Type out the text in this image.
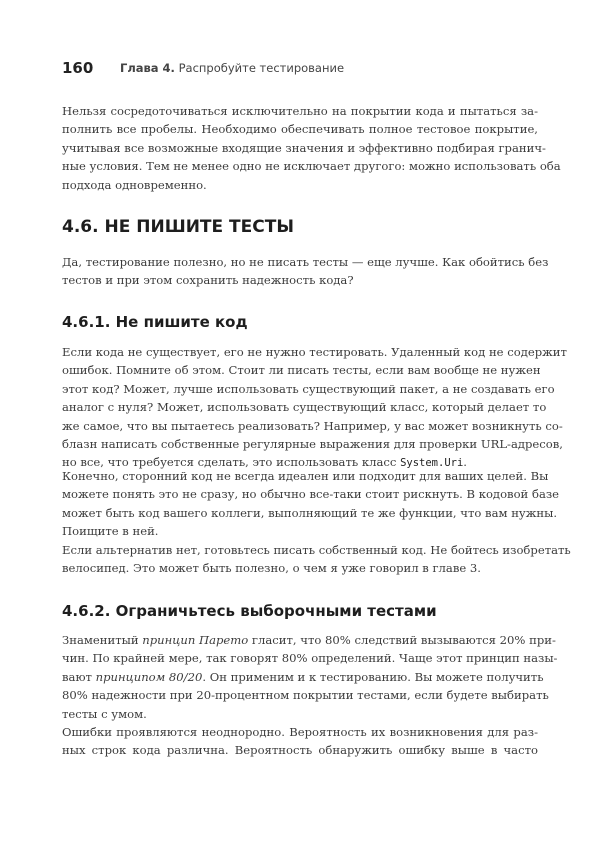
160 Глава 4. Распробуйте тестирование
Нельзя сосредоточиваться исключительно на покрытии кода и пытаться за-
полнить все пробелы. Необходимо обеспечивать полное тестовое покрытие,
учитывая все возможные входящие значения и эффективно подбирая гранич-
ные условия. Тем не менее одно не исключает другого: можно использовать оба
подхода одновременно.
4.6. НЕ ПИШИТЕ ТЕСТЫ
Да, тестирование полезно, но не писать тесты — еще лучше. Как обойтись без
тестов и при этом сохранить надежность кода?
4.6.1. Не пишите код
Если кода не существует, его не нужно тестировать. Удаленный код не содержит
ошибок. Помните об этом. Стоит ли писать тесты, если вам вообще не нужен
этот код? Может, лучше использовать существующий пакет, а не создавать его
аналог с нуля? Может, использовать существующий класс, который делает то
же самое, что вы пытаетесь реализовать? Например, у вас может возникнуть со-
блазн написать собственные регулярные выражения для проверки URL-адресов,
но все, что требуется сделать, это использовать класс System.Uri.
Конечно, сторонний код не всегда идеален или подходит для ваших целей. Вы
можете понять это не сразу, но обычно все-таки стоит рискнуть. В кодовой базе
может быть код вашего коллеги, выполняющий те же функции, что вам нужны.
Поищите в ней.
Если альтернатив нет, готовьтесь писать собственный код. Не бойтесь изобретать
велосипед. Это может быть полезно, о чем я уже говорил в главе 3.
4.6.2. Ограничьтесь выборочными тестами
Знаменитый принцип Парето гласит, что 80% следствий вызываются 20% при-
чин. По крайней мере, так говорят 80% определений. Чаще этот принцип назы-
вают принципом 80/20. Он применим и к тестированию. Вы можете получить
80% надежности при 20-процентном покрытии тестами, если будете выбирать
тесты с умом.
Ошибки проявляются неоднородно. Вероятность их возникновения для раз-
ных строк кода различна. Вероятность обнаружить ошибку выше в часто
